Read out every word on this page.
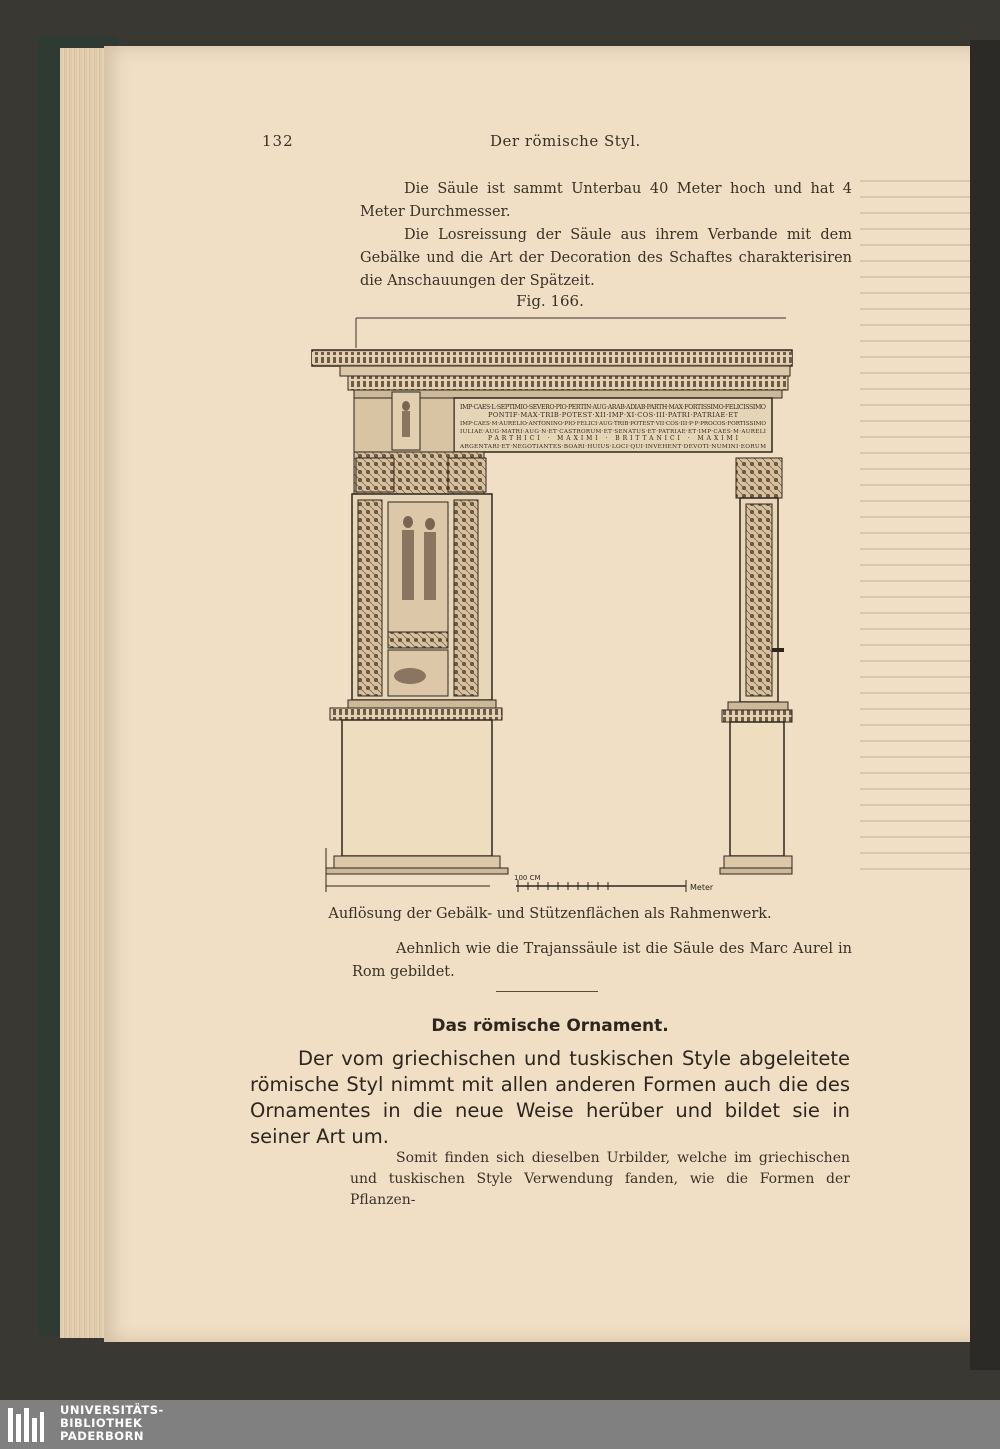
132	Der römische Styl.

Die Säule ist sammt Unterbau 40 Meter hoch und hat 4 Meter Durchmesser.

Die Losreissung der Säule aus ihrem Verbande mit dem Gebälke und die Art der Decoration des Schaftes charakterisiren die Anschauungen der Spätzeit.

Fig. 166.
IMP·CAES·L·SEPTIMIO·SEVERO·PIO·PERTIN·AUG·ARAB·ADIAB·PARTH·MAX·FORTISSIMO·FELICISSIMO
PONTIF·MAX·TRIB·POTEST·XII·IMP·XI·COS·III·PATRI·PATRIAE·ET
IMP·CAES·M·AURELIO·ANTONINO·PIO·FELICI·AUG·TRIB·POTEST·VII·COS·III·P·P·PROCOS·FORTISSIMO
IULIAE·AUG·MATRI·AUG·N·ET·CASTRORUM·ET·SENATUS·ET·PATRIAE·ET·IMP·CAES·M·AURELI
PARTHICI · MAXIMI · BRITTANICI · MAXIMI
ARGENTARI·ET·NEGOTIANTES·BOARI·HUIUS·LOCI·QUI·INVEHENT·DEVOTI·NUMINI·EORUM
100 CM
Meter
Auflösung der Gebälk- und Stützenflächen als Rahmenwerk.

Aehnlich wie die Trajanssäule ist die Säule des Marc Aurel in Rom gebildet.

Das römische Ornament.

Der vom griechischen und tuskischen Style abgeleitete römische Styl nimmt mit allen anderen Formen auch die des Ornamentes in die neue Weise herüber und bildet sie in seiner Art um.

Somit finden sich dieselben Urbilder, welche im griechischen und tuskischen Style Verwendung fanden, wie die Formen der Pflanzen-

UNIVERSITÄTS-
BIBLIOTHEK
PADERBORN
